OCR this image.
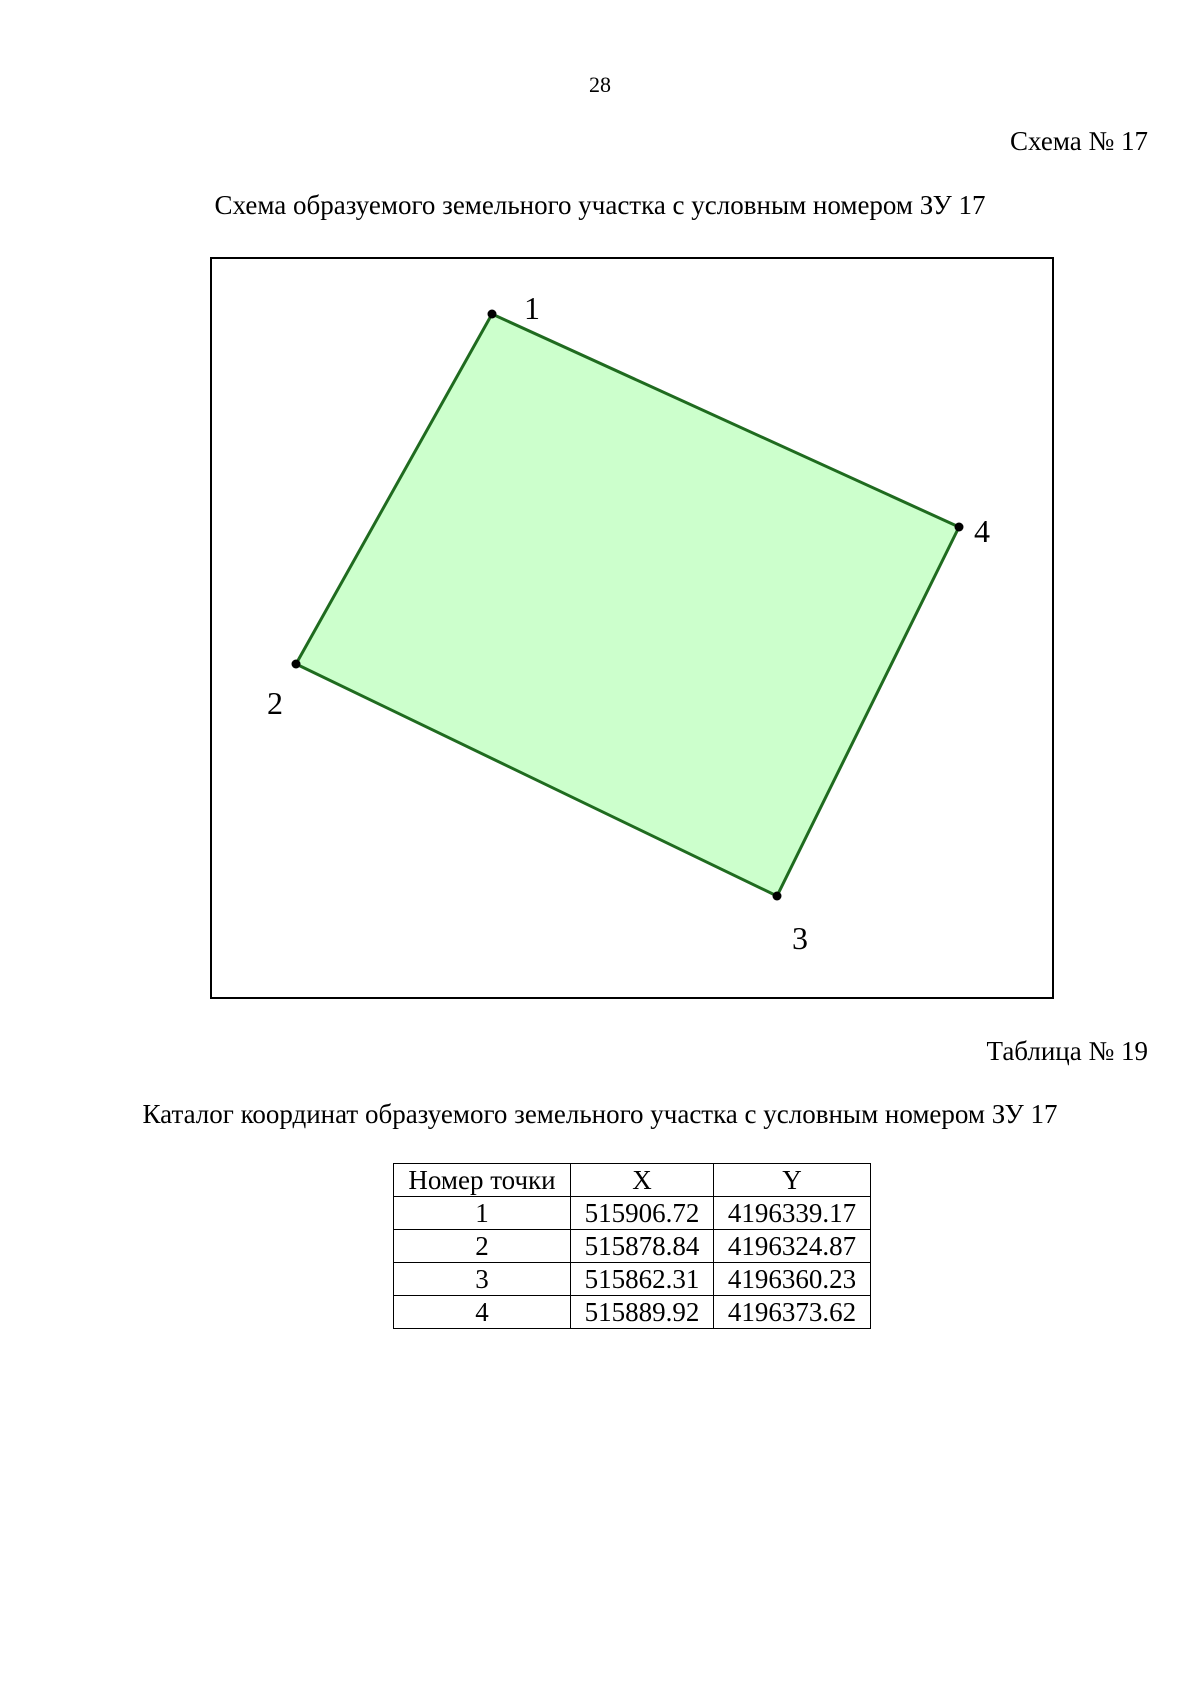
28
Схема № 17
Схема образуемого земельного участка с условным номером ЗУ 17
1
2
3
4
Таблица № 19
Каталог координат образуемого земельного участка с условным номером ЗУ 17
Номер точки	X	Y
1	515906.72	4196339.17
2	515878.84	4196324.87
3	515862.31	4196360.23
4	515889.92	4196373.62
